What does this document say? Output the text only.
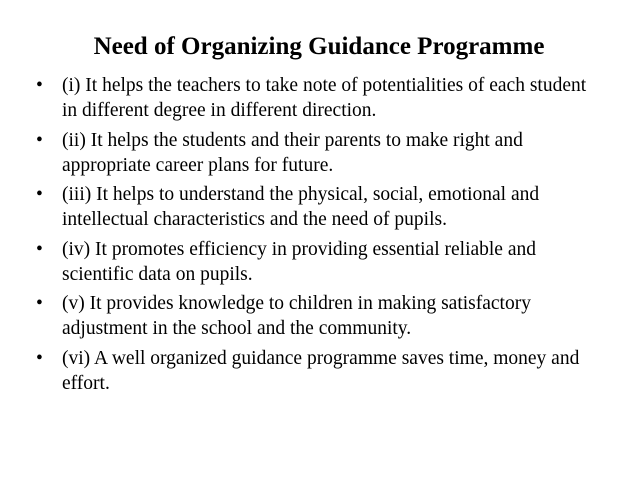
Need of Organizing Guidance Programme
• (i) It helps the teachers to take note of potentialities of each student in different degree in different direction.
• (ii) It helps the students and their parents to make right and appropriate career plans for future.
• (iii) It helps to understand the physical, social, emotional and intellectual characteristics and the need of pupils.
• (iv) It promotes efficiency in providing essential reliable and scientific data on pupils.
• (v) It provides knowledge to children in making satisfactory adjustment in the school and the community.
• (vi) A well organized guidance programme saves time, money and effort.
